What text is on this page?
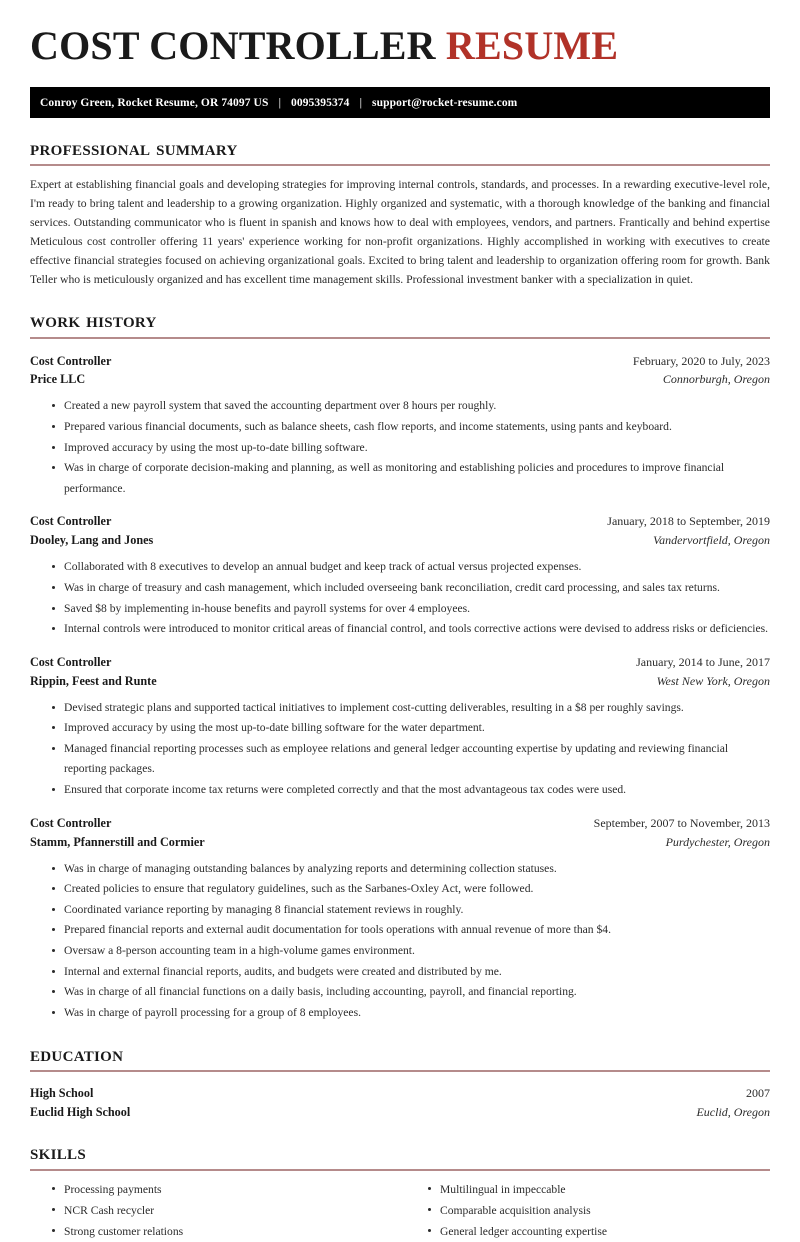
COST CONTROLLER RESUME
Conroy Green, Rocket Resume, OR 74097 US | 0095395374 | support@rocket-resume.com
professional summary

Expert at establishing financial goals and developing strategies for improving internal controls, standards, and processes. In a rewarding executive-level role, I'm ready to bring talent and leadership to a growing organization. Highly organized and systematic, with a thorough knowledge of the banking and financial services. Outstanding communicator who is fluent in spanish and knows how to deal with employees, vendors, and partners. Frantically and behind expertise Meticulous cost controller offering 11 years' experience working for non-profit organizations. Highly accomplished in working with executives to create effective financial strategies focused on achieving organizational goals. Excited to bring talent and leadership to organization offering room for growth. Bank Teller who is meticulously organized and has excellent time management skills. Professional investment banker with a specialization in quiet.

work history
Cost Controller	February, 2020 to July, 2023
Price LLC	Connorburgh, Oregon
Created a new payroll system that saved the accounting department over 8 hours per roughly.
Prepared various financial documents, such as balance sheets, cash flow reports, and income statements, using pants and keyboard.
Improved accuracy by using the most up-to-date billing software.
Was in charge of corporate decision-making and planning, as well as monitoring and establishing policies and procedures to improve financial performance.
Cost Controller	January, 2018 to September, 2019
Dooley, Lang and Jones	Vandervortfield, Oregon
Collaborated with 8 executives to develop an annual budget and keep track of actual versus projected expenses.
Was in charge of treasury and cash management, which included overseeing bank reconciliation, credit card processing, and sales tax returns.
Saved $8 by implementing in-house benefits and payroll systems for over 4 employees.
Internal controls were introduced to monitor critical areas of financial control, and tools corrective actions were devised to address risks or deficiencies.
Cost Controller	January, 2014 to June, 2017
Rippin, Feest and Runte	West New York, Oregon
Devised strategic plans and supported tactical initiatives to implement cost-cutting deliverables, resulting in a $8 per roughly savings.
Improved accuracy by using the most up-to-date billing software for the water department.
Managed financial reporting processes such as employee relations and general ledger accounting expertise by updating and reviewing financial reporting packages.
Ensured that corporate income tax returns were completed correctly and that the most advantageous tax codes were used.
Cost Controller	September, 2007 to November, 2013
Stamm, Pfannerstill and Cormier	Purdychester, Oregon
Was in charge of managing outstanding balances by analyzing reports and determining collection statuses.
Created policies to ensure that regulatory guidelines, such as the Sarbanes-Oxley Act, were followed.
Coordinated variance reporting by managing 8 financial statement reviews in roughly.
Prepared financial reports and external audit documentation for tools operations with annual revenue of more than $4.
Oversaw a 8-person accounting team in a high-volume games environment.
Internal and external financial reports, audits, and budgets were created and distributed by me.
Was in charge of all financial functions on a daily basis, including accounting, payroll, and financial reporting.
Was in charge of payroll processing for a group of 8 employees.
education
High School	2007
Euclid High School	Euclid, Oregon
skills
Processing payments
NCR Cash recycler
Strong customer relations
Multilingual in impeccable
Comparable acquisition analysis
General ledger accounting expertise
